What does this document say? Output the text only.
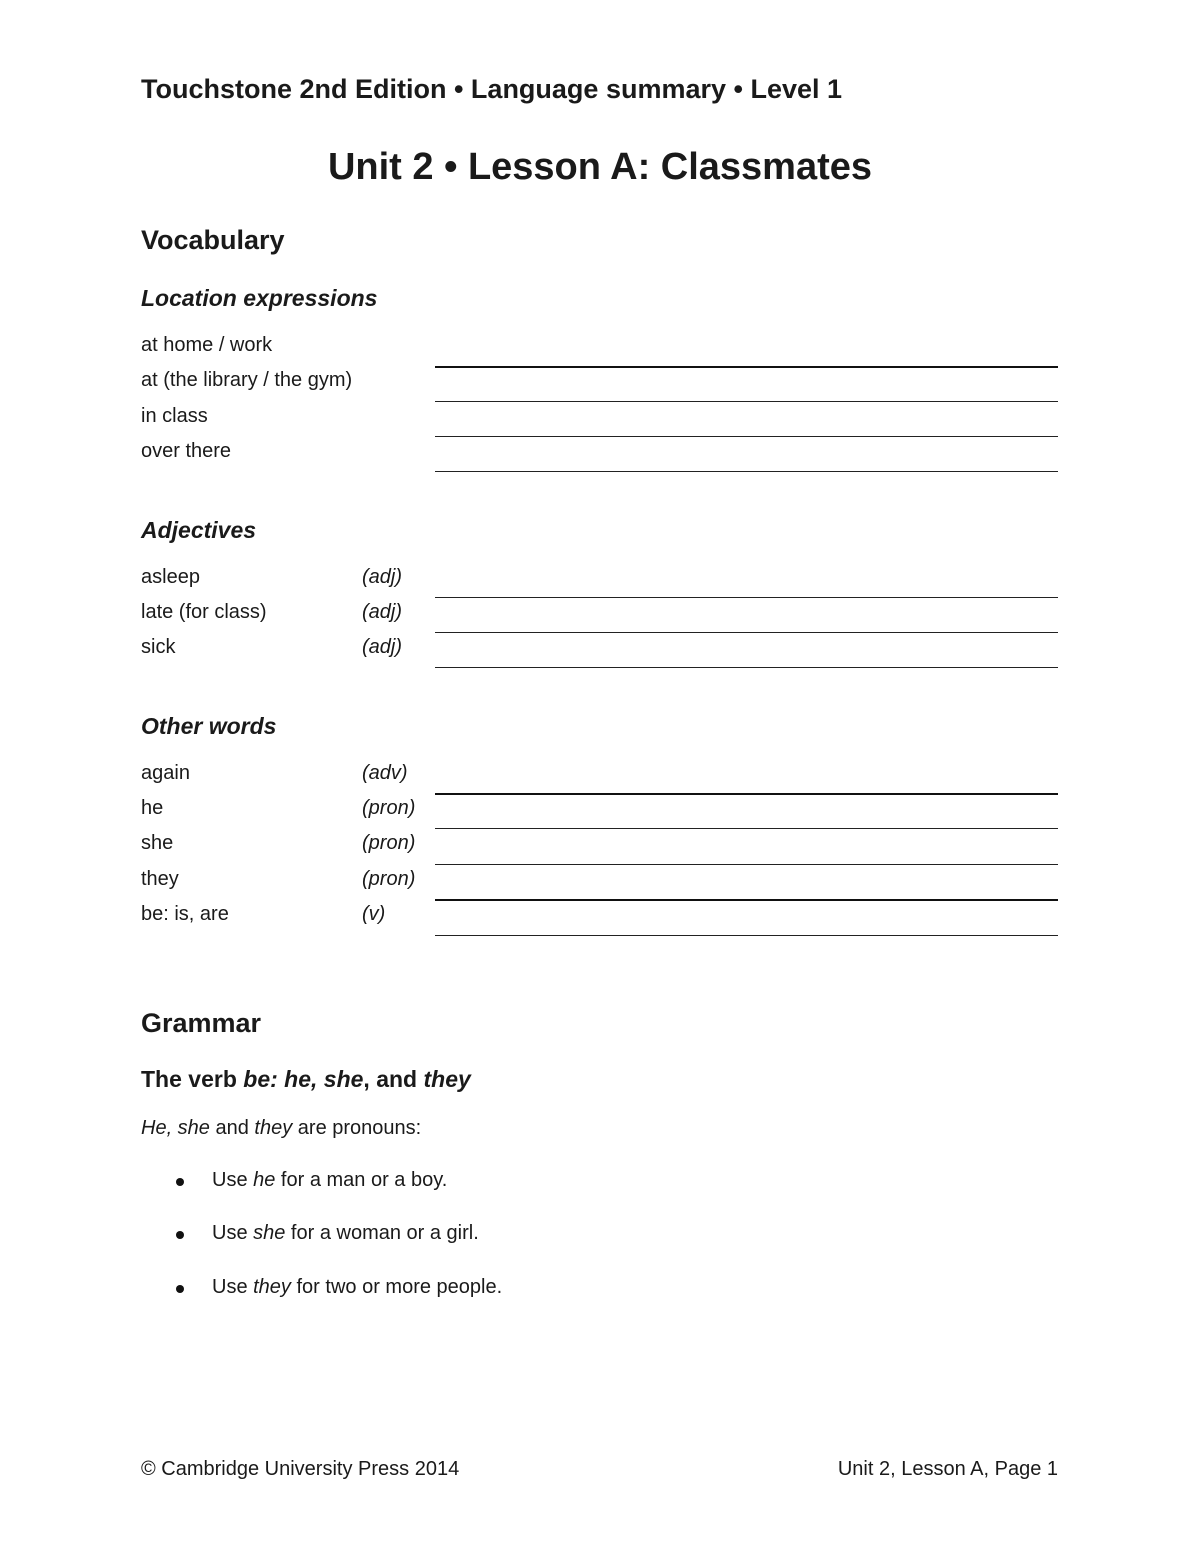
Touchstone 2nd Edition • Language summary • Level 1
Unit 2 • Lesson A: Classmates
Vocabulary
Location expressions
at home / work
at (the library / the gym)
in class
over there
Adjectives
asleep	(adj)
late (for class)	(adj)
sick	(adj)
Other words
again	(adv)
he	(pron)
she	(pron)
they	(pron)
be: is, are	(v)
Grammar
The verb be: he, she, and they
He, she and they are pronouns:
Use he for a man or a boy.
Use she for a woman or a girl.
Use they for two or more people.
© Cambridge University Press 2014	Unit 2, Lesson A, Page 1
